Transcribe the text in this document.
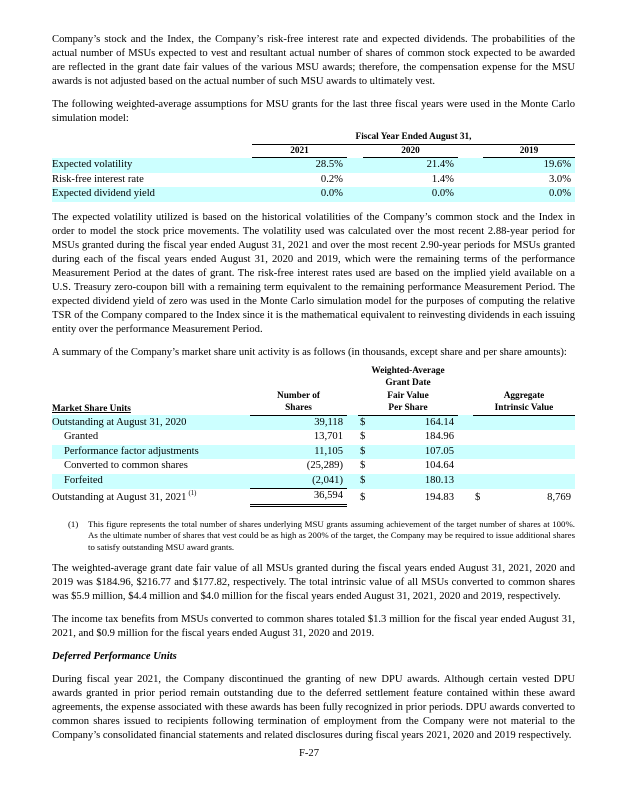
Company’s stock and the Index, the Company’s risk-free interest rate and expected dividends. The probabilities of the actual number of MSUs expected to vest and resultant actual number of shares of common stock expected to be awarded are reflected in the grant date fair values of the various MSU awards; therefore, the compensation expense for the MSU awards is not adjusted based on the actual number of such MSU awards to ultimately vest.

The following weighted-average assumptions for MSU grants for the last three fiscal years were used in the Monte Carlo simulation model:

	Fiscal Year Ended August 31,				
	2021		2020		2019
Expected volatility	28.5%		21.4%		19.6%
Risk-free interest rate	0.2%		1.4%		3.0%
Expected dividend yield	0.0%		0.0%		0.0%

The expected volatility utilized is based on the historical volatilities of the Company’s common stock and the Index in order to model the stock price movements. The volatility used was calculated over the most recent 2.88-year period for MSUs granted during the fiscal year ended August 31, 2021 and over the most recent 2.90-year periods for MSUs granted during each of the fiscal years ended August 31, 2020 and 2019, which were the remaining terms of the performance Measurement Period at the dates of grant. The risk-free interest rates used are based on the implied yield available on a U.S. Treasury zero-coupon bill with a remaining term equivalent to the remaining performance Measurement Period. The expected dividend yield of zero was used in the Monte Carlo simulation model for the purposes of computing the relative TSR of the Company compared to the Index since it is the mathematical equivalent to reinvesting dividends in each issuing entity over the performance Measurement Period.

A summary of the Company’s market share unit activity is as follows (in thousands, except share and per share amounts):

			Weighted-Average				
			Grant Date				
	Number of		Fair Value			Aggregate	
Market Share Units	Shares		Per Share			Intrinsic Value	
Outstanding at August 31, 2020	39,118		$	164.14			
Granted	13,701		$	184.96			
Performance factor adjustments	11,105		$	107.05			
Converted to common shares	(25,289)		$	104.64			
Forfeited	(2,041)		$	180.13			
Outstanding at August 31, 2021 $^{(1)}$	36,594		$	194.83		$	8,769
(1) This figure represents the total number of shares underlying MSU grants assuming achievement of the target number of shares at 100%. As the ultimate number of shares that vest could be as high as 200% of the target, the Company may be required to issue additional shares to satisfy outstanding MSU award grants.

The weighted-average grant date fair value of all MSUs granted during the fiscal years ended August 31, 2021, 2020 and 2019 was $184.96, $216.77 and $177.82, respectively. The total intrinsic value of all MSUs converted to common shares was $5.9 million, $4.4 million and $4.0 million for the fiscal years ended August 31, 2021, 2020 and 2019, respectively.

The income tax benefits from MSUs converted to common shares totaled $1.3 million for the fiscal year ended August 31, 2021, and $0.9 million for the fiscal years ended August 31, 2020 and 2019.

Deferred Performance Units

During fiscal year 2021, the Company discontinued the granting of new DPU awards. Although certain vested DPU awards granted in prior period remain outstanding due to the deferred settlement feature contained within these award agreements, the expense associated with these awards has been fully recognized in prior periods. DPU awards converted to common shares issued to recipients following termination of employment from the Company were not material to the Company’s consolidated financial statements and related disclosures during fiscal years 2021, 2020 and 2019 respectively.

F-27
